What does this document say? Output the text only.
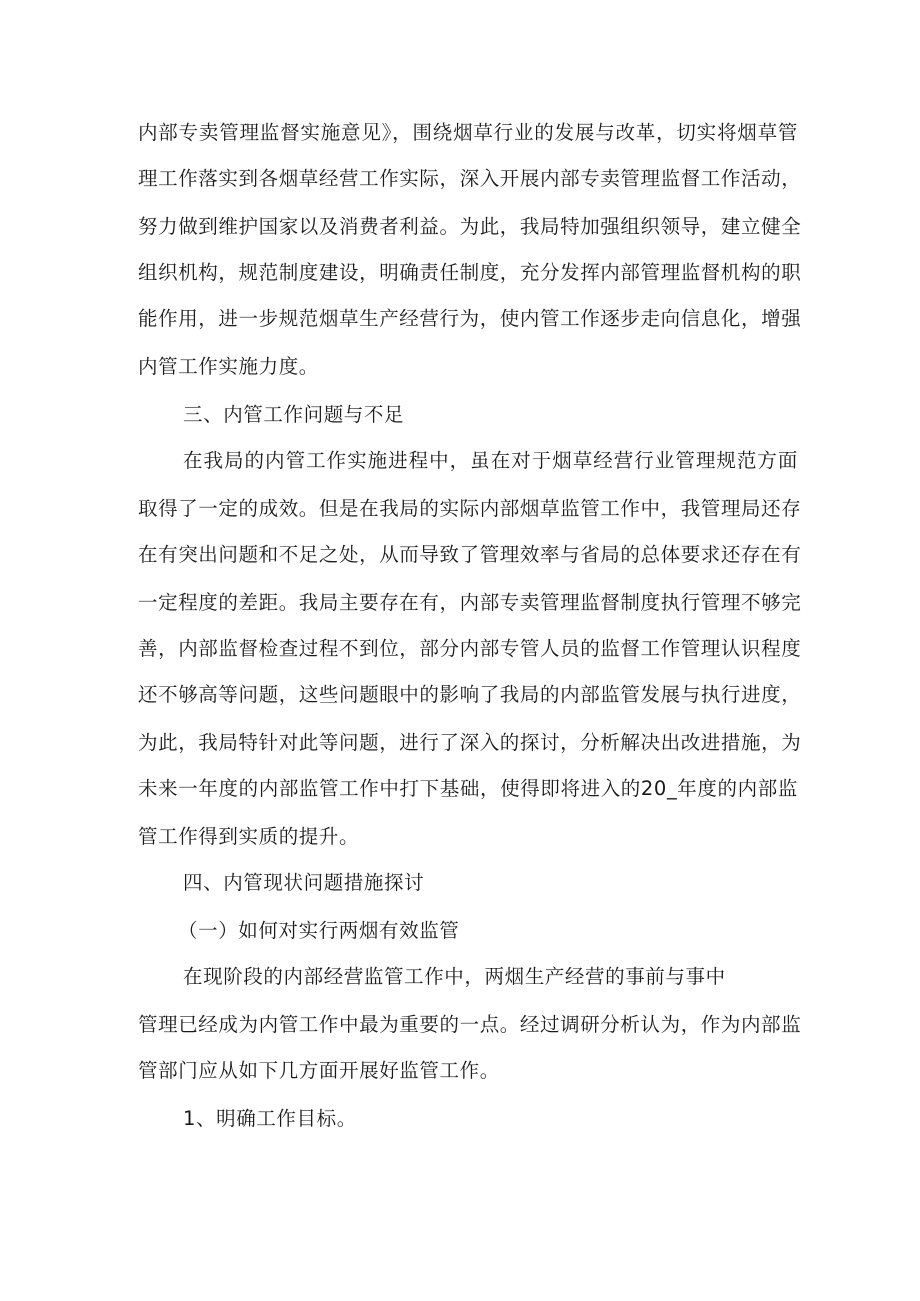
内部专卖管理监督实施意见》，围绕烟草行业的发展与改革，切实将烟草管

理工作落实到各烟草经营工作实际，深入开展内部专卖管理监督工作活动，

努力做到维护国家以及消费者利益。为此，我局特加强组织领导，建立健全

组织机构，规范制度建设，明确责任制度，充分发挥内部管理监督机构的职

能作用，进一步规范烟草生产经营行为，使内管工作逐步走向信息化，增强

内管工作实施力度。

三、内管工作问题与不足

在我局的内管工作实施进程中，虽在对于烟草经营行业管理规范方面

取得了一定的成效。但是在我局的实际内部烟草监管工作中，我管理局还存

在有突出问题和不足之处，从而导致了管理效率与省局的总体要求还存在有

一定程度的差距。我局主要存在有，内部专卖管理监督制度执行管理不够完

善，内部监督检查过程不到位，部分内部专管人员的监督工作管理认识程度

还不够高等问题，这些问题眼中的影响了我局的内部监管发展与执行进度，

为此，我局特针对此等问题，进行了深入的探讨，分析解决出改进措施，为

未来一年度的内部监管工作中打下基础，使得即将进入的20_年度的内部监

管工作得到实质的提升。

四、内管现状问题措施探讨

（一）如何对实行两烟有效监管

在现阶段的内部经营监管工作中，两烟生产经营的事前与事中

管理已经成为内管工作中最为重要的一点。经过调研分析认为，作为内部监

管部门应从如下几方面开展好监管工作。

1、明确工作目标。
